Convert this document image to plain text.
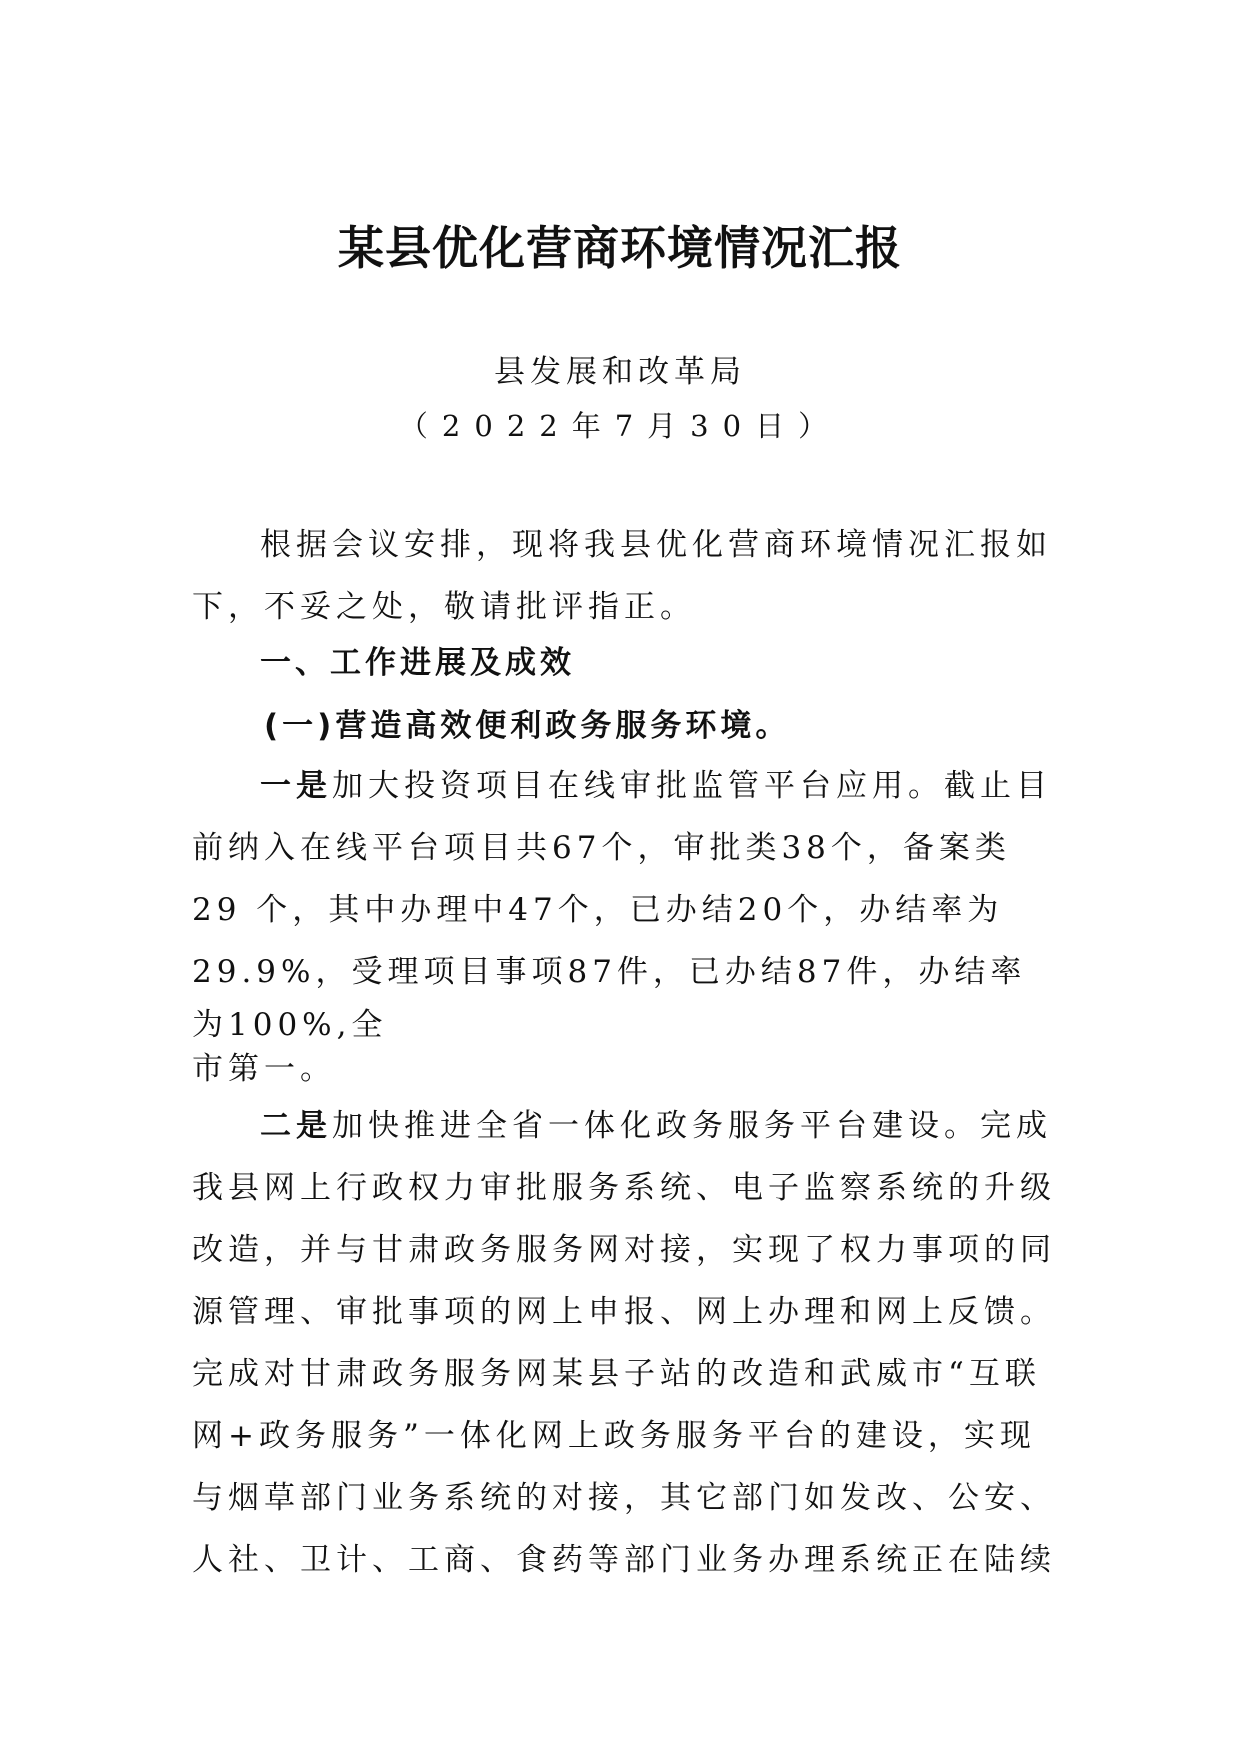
某县优化营商环境情况汇报
县发展和改革局
（2022年7月30日）
根据会议安排，现将我县优化营商环境情况汇报如
下，不妥之处，敬请批评指正。
一、工作进展及成效
(一)营造高效便利政务服务环境。
一是加大投资项目在线审批监管平台应用。截止目
前纳入在线平台项目共67个，审批类38个，备案类
29 个，其中办理中47个，已办结20个，办结率为
29.9%，受理项目事项87件，已办结87件，办结率
为100%,全
市第一。
二是加快推进全省一体化政务服务平台建设。完成
我县网上行政权力审批服务系统、电子监察系统的升级
改造，并与甘肃政务服务网对接，实现了权力事项的同
源管理、审批事项的网上申报、网上办理和网上反馈。
完成对甘肃政务服务网某县子站的改造和武威市“互联
网+政务服务”一体化网上政务服务平台的建设，实现
与烟草部门业务系统的对接，其它部门如发改、公安、
人社、卫计、工商、食药等部门业务办理系统正在陆续
